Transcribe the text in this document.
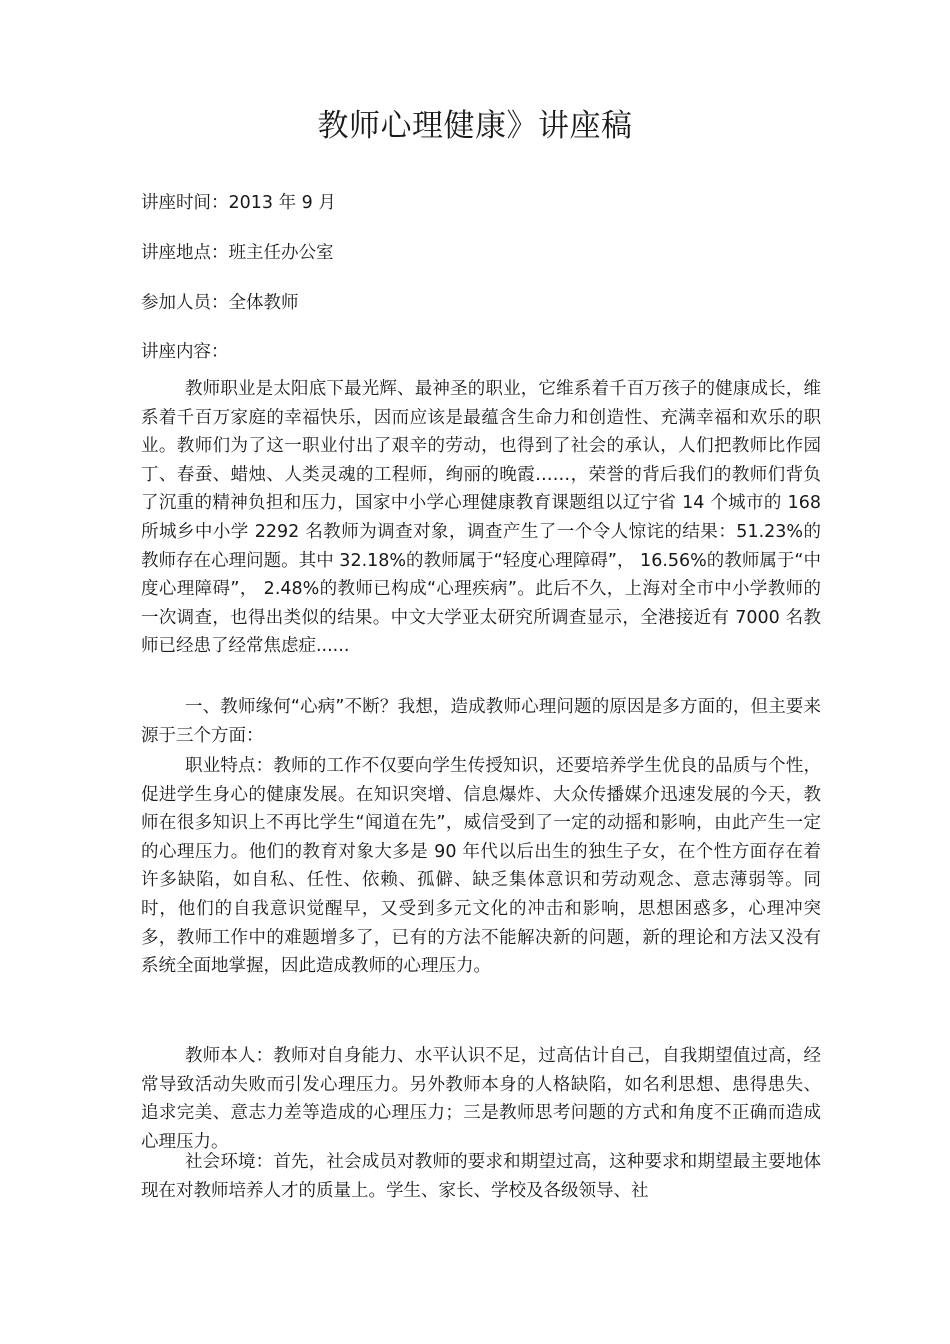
教师心理健康》讲座稿
讲座时间：2013 年 9 月
讲座地点：班主任办公室
参加人员：全体教师
讲座内容：

教师职业是太阳底下最光辉、最神圣的职业，它维系着千百万孩子的健康成长，维系着千百万家庭的幸福快乐，因而应该是最蕴含生命力和创造性、充满幸福和欢乐的职业。教师们为了这一职业付出了艰辛的劳动，也得到了社会的承认，人们把教师比作园丁、春蚕、蜡烛、人类灵魂的工程师，绚丽的晚霞……，荣誉的背后我们的教师们背负了沉重的精神负担和压力，国家中小学心理健康教育课题组以辽宁省 14 个城市的 168 所城乡中小学 2292 名教师为调查对象，调查产生了一个令人惊诧的结果：51.23%的教师存在心理问题。其中 32.18%的教师属于“轻度心理障碍”， 16.56%的教师属于“中度心理障碍”， 2.48%的教师已构成“心理疾病”。此后不久，上海对全市中小学教师的一次调查，也得出类似的结果。中文大学亚太研究所调查显示，全港接近有 7000 名教师已经患了经常焦虑症......

一、教师缘何“心病”不断？我想，造成教师心理问题的原因是多方面的，但主要来源于三个方面：

职业特点：教师的工作不仅要向学生传授知识，还要培养学生优良的品质与个性，促进学生身心的健康发展。在知识突增、信息爆炸、大众传播媒介迅速发展的今天，教师在很多知识上不再比学生“闻道在先”，威信受到了一定的动摇和影响，由此产生一定的心理压力。他们的教育对象大多是 90 年代以后出生的独生子女，在个性方面存在着许多缺陷，如自私、任性、依赖、孤僻、缺乏集体意识和劳动观念、意志薄弱等。同时，他们的自我意识觉醒早，又受到多元文化的冲击和影响，思想困惑多，心理冲突多，教师工作中的难题增多了，已有的方法不能解决新的问题，新的理论和方法又没有系统全面地掌握，因此造成教师的心理压力。

教师本人：教师对自身能力、水平认识不足，过高估计自己，自我期望值过高，经常导致活动失败而引发心理压力。另外教师本身的人格缺陷，如名利思想、患得患失、追求完美、意志力差等造成的心理压力；三是教师思考问题的方式和角度不正确而造成心理压力。

社会环境：首先，社会成员对教师的要求和期望过高，这种要求和期望最主要地体现在对教师培养人才的质量上。学生、家长、学校及各级领导、社
